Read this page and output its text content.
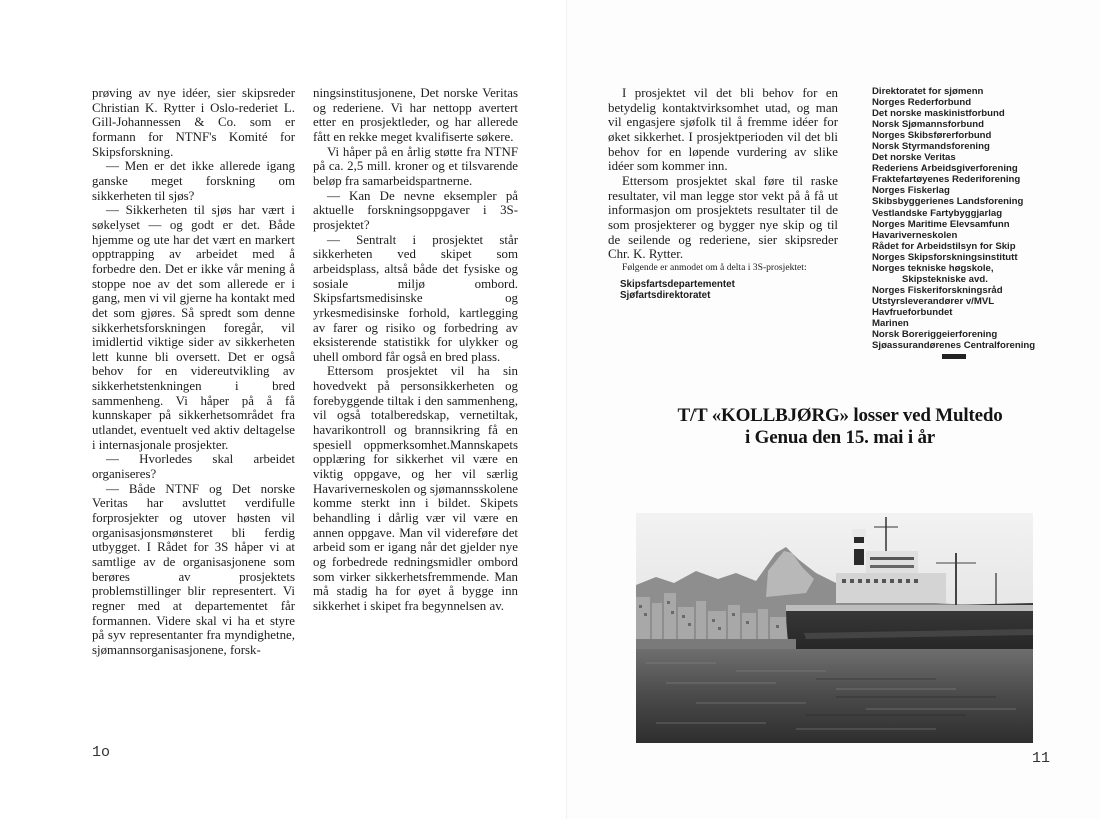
prøving av nye idéer, sier skipsreder Christian K. Rytter i Oslo-rederiet L. Gill-Johannessen & Co. som er formann for NTNF's Komité for Skipsforskning.

— Men er det ikke allerede igang ganske meget forskning om sikkerheten til sjøs?

— Sikkerheten til sjøs har vært i søkelyset — og godt er det. Både hjemme og ute har det vært en markert opptrapping av arbeidet med å forbedre den. Det er ikke vår mening å stoppe noe av det som allerede er i gang, men vi vil gjerne ha kontakt med det som gjøres. Så spredt som denne sikkerhetsforskningen foregår, vil imidlertid viktige sider av sikkerheten lett kunne bli oversett. Det er også behov for en videreutvikling av sikkerhetstenkningen i bred sammenheng. Vi håper på å få kunnskaper på sikkerhetsområdet fra utlandet, eventuelt ved aktiv deltagelse i internasjonale prosjekter.

— Hvorledes skal arbeidet organiseres?

— Både NTNF og Det norske Veritas har avsluttet verdifulle forprosjekter og utover høsten vil organisasjonsmønsteret bli ferdig utbygget. I Rådet for 3S håper vi at samtlige av de organisasjonene som berøres av prosjektets problemstillinger blir representert. Vi regner med at departementet får formannen. Videre skal vi ha et styre på syv representanter fra myndighetne, sjømannsorganisasjonene, forsk-

ningsinstitusjonene, Det norske Veritas og rederiene. Vi har nettopp avertert etter en prosjektleder, og har allerede fått en rekke meget kvalifiserte søkere.

Vi håper på en årlig støtte fra NTNF på ca. 2,5 mill. kroner og et tilsvarende beløp fra samarbeidspartnerne.

— Kan De nevne eksempler på aktuelle forskningsoppgaver i 3S-prosjektet?

— Sentralt i prosjektet står sikkerheten ved skipet som arbeidsplass, altså både det fysiske og sosiale miljø ombord. Skipsfartsmedisinske og yrkesmedisinske forhold, kartlegging av farer og risiko og forbedring av eksisterende statistikk for ulykker og uhell ombord får også en bred plass.

Ettersom prosjektet vil ha sin hovedvekt på personsikkerheten og forebyggende tiltak i den sammenheng, vil også totalberedskap, vernetiltak, havarikontroll og brannsikring få en spesiell oppmerksomhet.Mannskapets opplæring for sikkerhet vil være en viktig oppgave, og her vil særlig Havariverneskolen og sjømannsskolene komme sterkt inn i bildet. Skipets behandling i dårlig vær vil være en annen oppgave. Man vil videreføre det arbeid som er igang når det gjelder nye og forbedrede redningsmidler ombord som virker sikkerhetsfremmende. Man må stadig ha for øyet å bygge inn sikkerhet i skipet fra begynnelsen av.

1o

I prosjektet vil det bli behov for en betydelig kontaktvirksomhet utad, og man vil engasjere sjøfolk til å fremme idéer for øket sikkerhet. I prosjektperioden vil det bli behov for en løpende vurdering av slike idéer som kommer inn.

Ettersom prosjektet skal føre til raske resultater, vil man legge stor vekt på å få ut informasjon om prosjektets resultater til de som prosjekterer og bygger nye skip og til de seilende og rederiene, sier skipsreder Chr. K. Rytter.

Følgende er anmodet om å delta i 3S-prosjektet:

Skipsfartsdepartementet
Sjøfartsdirektoratet
Direktoratet for sjømenn
Norges Rederforbund
Det norske maskinistforbund
Norsk Sjømannsforbund
Norges Skibsførerforbund
Norsk Styrmandsforening
Det norske Veritas
Rederiens Arbeidsgiverforening
Fraktefartøyenes Rederiforening
Norges Fiskerlag
Skibsbyggerienes Landsforening
Vestlandske Fartybyggjarlag
Norges Maritime Elevsamfunn
Havariverneskolen
Rådet for Arbeidstilsyn for Skip
Norges Skipsforskningsinstitutt
Norges tekniske høgskole,
Skipstekniske avd.
Norges Fiskeriforskningsråd
Utstyrsleverandører v/MVL
Havfrueforbundet
Marinen
Norsk Boreriggeierforening
Sjøassurandørenes Centralforening
T/T «KOLLBJØRG» losser ved Multedo
i Genua den 15. mai i år
11
